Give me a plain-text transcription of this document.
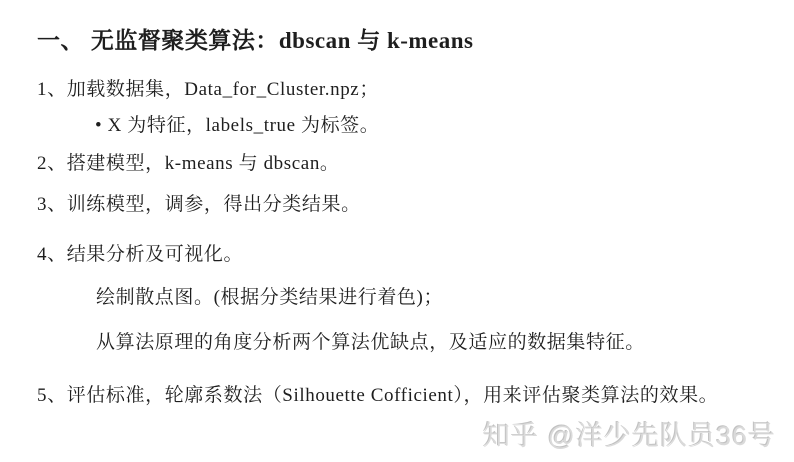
一、 无监督聚类算法：dbscan 与 k-means
1、加载数据集，Data_for_Cluster.npz；
• X 为特征，labels_true 为标签。
2、搭建模型，k-means 与 dbscan。
3、训练模型，调参，得出分类结果。
4、结果分析及可视化。
绘制散点图。(根据分类结果进行着色)；
从算法原理的角度分析两个算法优缺点，及适应的数据集特征。
5、评估标准，轮廓系数法（Silhouette Cofficient），用来评估聚类算法的效果。
知乎 @洋少先队员36号
